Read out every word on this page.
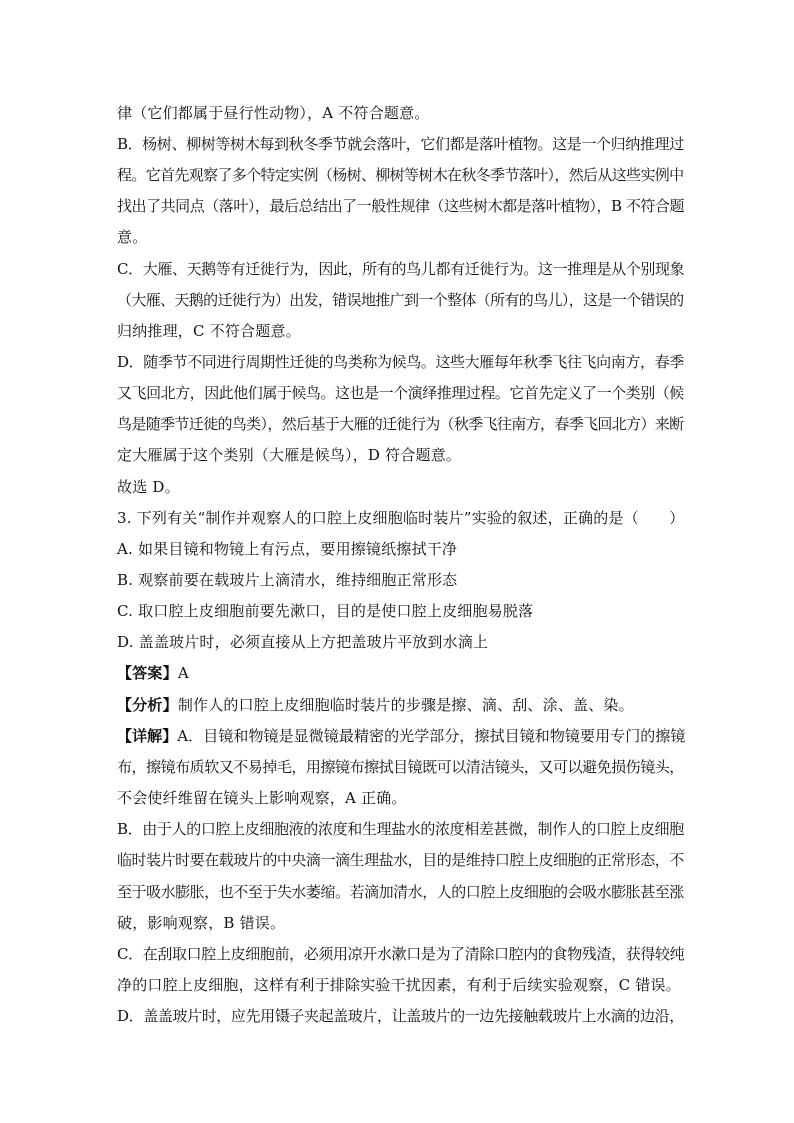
律（它们都属于昼行性动物），A 不符合题意。
B．杨树、柳树等树木每到秋冬季节就会落叶，它们都是落叶植物。这是一个归纳推理过
程。它首先观察了多个特定实例（杨树、柳树等树木在秋冬季节落叶），然后从这些实例中
找出了共同点（落叶），最后总结出了一般性规律（这些树木都是落叶植物），B 不符合题
意。
C．大雁、天鹅等有迁徙行为，因此，所有的鸟儿都有迁徙行为。这一推理是从个别现象
（大雁、天鹅的迁徙行为）出发，错误地推广到一个整体（所有的鸟儿），这是一个错误的
归纳推理，C 不符合题意。
D．随季节不同进行周期性迁徙的鸟类称为候鸟。这些大雁每年秋季飞往飞向南方，春季
又飞回北方，因此他们属于候鸟。这也是一个演绎推理过程。它首先定义了一个类别（候
鸟是随季节迁徙的鸟类），然后基于大雁的迁徙行为（秋季飞往南方，春季飞回北方）来断
定大雁属于这个类别（大雁是候鸟），D 符合题意。
故选 D。
3. 下列有关“制作并观察人的口腔上皮细胞临时装片”实验的叙述，正确的是（　　）
A. 如果目镜和物镜上有污点，要用擦镜纸擦拭干净
B. 观察前要在载玻片上滴清水，维持细胞正常形态
C. 取口腔上皮细胞前要先漱口，目的是使口腔上皮细胞易脱落
D. 盖盖玻片时，必须直接从上方把盖玻片平放到水滴上
【答案】A
【分析】制作人的口腔上皮细胞临时装片的步骤是擦、滴、刮、涂、盖、染。
【详解】A．目镜和物镜是显微镜最精密的光学部分，擦拭目镜和物镜要用专门的擦镜
布，擦镜布质软又不易掉毛，用擦镜布擦拭目镜既可以清洁镜头，又可以避免损伤镜头，
不会使纤维留在镜头上影响观察，A 正确。
B．由于人的口腔上皮细胞液的浓度和生理盐水的浓度相差甚微，制作人的口腔上皮细胞
临时装片时要在载玻片的中央滴一滴生理盐水，目的是维持口腔上皮细胞的正常形态，不
至于吸水膨胀，也不至于失水萎缩。若滴加清水，人的口腔上皮细胞的会吸水膨胀甚至涨
破，影响观察，B 错误。
C．在刮取口腔上皮细胞前，必须用凉开水漱口是为了清除口腔内的食物残渣，获得较纯
净的口腔上皮细胞，这样有利于排除实验干扰因素，有利于后续实验观察，C 错误。
D．盖盖玻片时，应先用镊子夹起盖玻片，让盖玻片的一边先接触载玻片上水滴的边沿，
